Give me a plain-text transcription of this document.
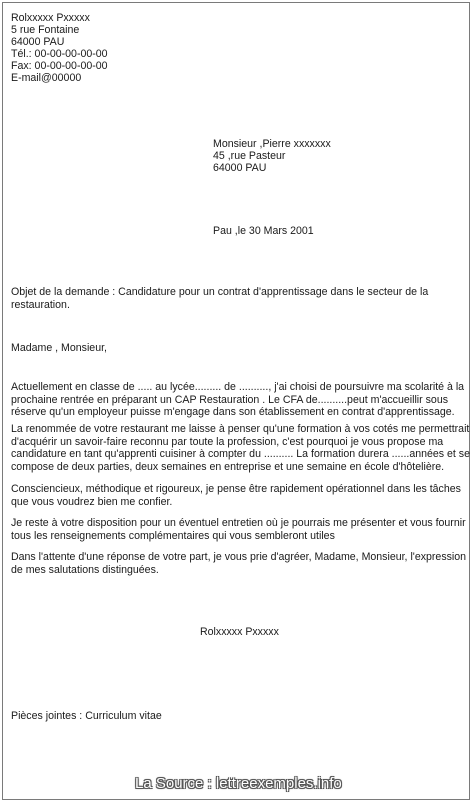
Rolxxxxx Pxxxxx
5 rue Fontaine
64000 PAU
Tél.: 00-00-00-00-00
Fax: 00-00-00-00-00
E-mail@00000
Monsieur ,Pierre xxxxxxx
45 ,rue Pasteur
64000 PAU
Pau ,le 30 Mars 2001
Objet de la demande : Candidature pour un contrat d'apprentissage dans le secteur de la
restauration.
Madame , Monsieur,
Actuellement en classe de ..... au lycée......... de .........., j'ai choisi de poursuivre ma scolarité à la
prochaine rentrée en préparant un CAP Restauration . Le CFA de..........peut m'accueillir sous
réserve qu'un employeur puisse m'engage dans son établissement en contrat d'apprentissage.
La renommée de votre restaurant me laisse à penser qu'une formation à vos cotés me permettrait
d'acquérir un savoir-faire reconnu par toute la profession, c'est pourquoi je vous propose ma
candidature en tant qu'apprenti cuisiner à compter du .......... La formation durera ......années et se
compose de deux parties, deux semaines en entreprise et une semaine en école d'hôtelière.
Consciencieux, méthodique et rigoureux, je pense être rapidement opérationnel dans les tâches
que vous voudrez bien me confier.
Je reste à votre disposition pour un éventuel entretien où je pourrais me présenter et vous fournir
tous les renseignements complémentaires qui vous sembleront utiles
Dans l'attente d'une réponse de votre part, je vous prie d'agréer, Madame, Monsieur, l'expression
de mes salutations distinguées.
Rolxxxxx Pxxxxx
Pièces jointes : Curriculum vitae
La Source : lettreexemples.info
